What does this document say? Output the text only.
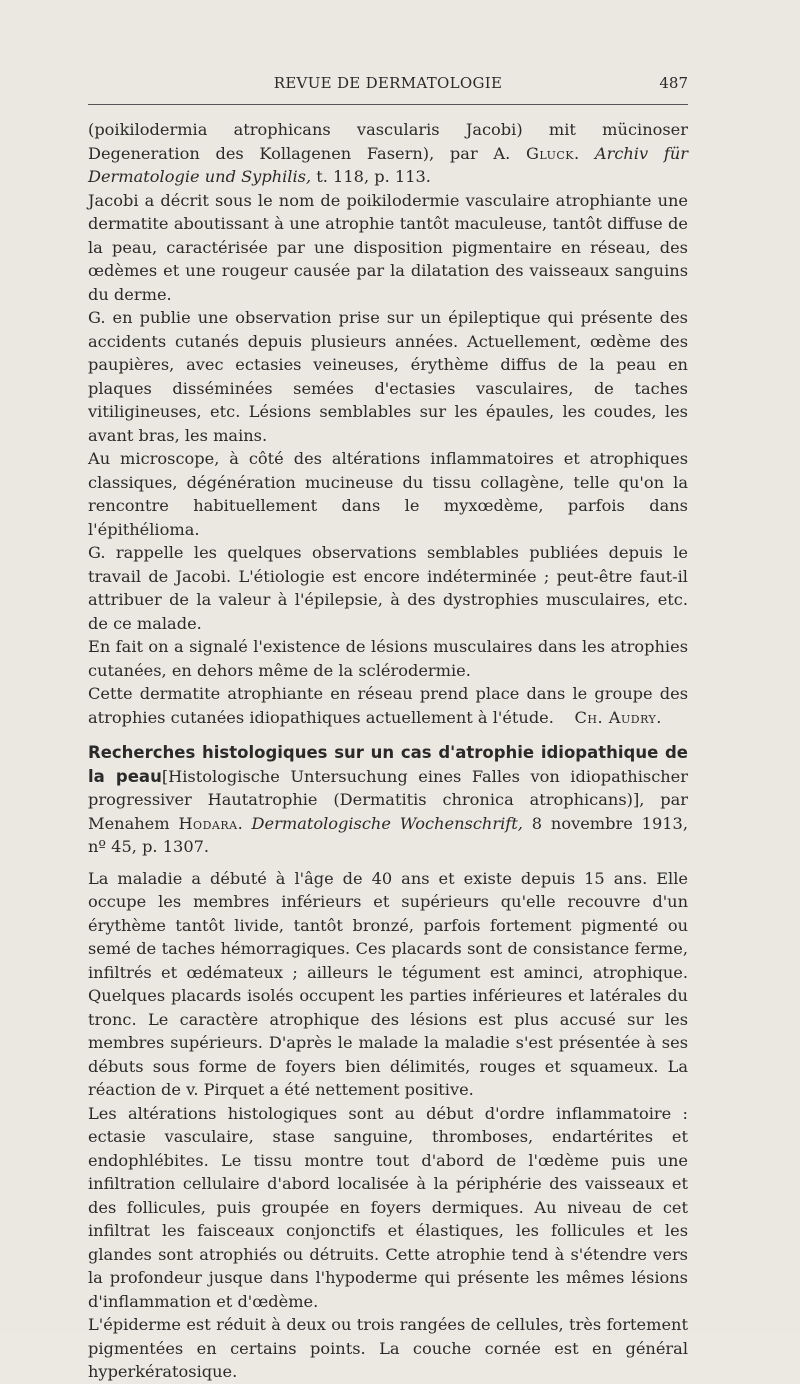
REVUE DE DERMATOLOGIE	487

(poikilodermia atrophicans vascularis Jacobi) mit mücinoser Degeneration des Kollagenen Fasern), par A. Gluck. Archiv für Dermatologie und Syphilis, t. 118, p. 113.

Jacobi a décrit sous le nom de poikilodermie vasculaire atrophiante une dermatite aboutissant à une atrophie tantôt maculeuse, tantôt diffuse de la peau, caractérisée par une disposition pigmentaire en réseau, des œdèmes et une rougeur causée par la dilatation des vaisseaux sanguins du derme.

G. en publie une observation prise sur un épileptique qui présente des accidents cutanés depuis plusieurs années. Actuellement, œdème des paupières, avec ectasies veineuses, érythème diffus de la peau en plaques disséminées semées d'ectasies vasculaires, de taches vitiligineuses, etc. Lésions semblables sur les épaules, les coudes, les avant bras, les mains.

Au microscope, à côté des altérations inflammatoires et atrophiques classiques, dégénération mucineuse du tissu collagène, telle qu'on la rencontre habituellement dans le myxœdème, parfois dans l'épithélioma.

G. rappelle les quelques observations semblables publiées depuis le travail de Jacobi. L'étiologie est encore indéterminée ; peut-être faut-il attribuer de la valeur à l'épilepsie, à des dystrophies musculaires, etc. de ce malade.

En fait on a signalé l'existence de lésions musculaires dans les atrophies cutanées, en dehors même de la sclérodermie.

Cette dermatite atrophiante en réseau prend place dans le groupe des atrophies cutanées idiopathiques actuellement à l'étude. Ch. Audry.

Recherches histologiques sur un cas d'atrophie idiopathique de la peau[Histologische Untersuchung eines Falles von idiopathischer progressiver Hautatrophie (Dermatitis chronica atrophicans)], par Menahem Hodara. Dermatologische Wochenschrift, 8 novembre 1913, nº 45, p. 1307.

La maladie a débuté à l'âge de 40 ans et existe depuis 15 ans. Elle occupe les membres inférieurs et supérieurs qu'elle recouvre d'un érythème tantôt livide, tantôt bronzé, parfois fortement pigmenté ou semé de taches hémorragiques. Ces placards sont de consistance ferme, infiltrés et œdémateux ; ailleurs le tégument est aminci, atrophique. Quelques placards isolés occupent les parties inférieures et latérales du tronc. Le caractère atrophique des lésions est plus accusé sur les membres supérieurs. D'après le malade la maladie s'est présentée à ses débuts sous forme de foyers bien délimités, rouges et squameux. La réaction de v. Pirquet a été nettement positive.

Les altérations histologiques sont au début d'ordre inflammatoire : ectasie vasculaire, stase sanguine, thromboses, endartérites et endophlébites. Le tissu montre tout d'abord de l'œdème puis une infiltration cellulaire d'abord localisée à la périphérie des vaisseaux et des follicules, puis groupée en foyers dermiques. Au niveau de cet infiltrat les faisceaux conjonctifs et élastiques, les follicules et les glandes sont atrophiés ou détruits. Cette atrophie tend à s'étendre vers la profondeur jusque dans l'hypoderme qui présente les mêmes lésions d'inflammation et d'œdème.

L'épiderme est réduit à deux ou trois rangées de cellules, très fortement pigmentées en certains points. La couche cornée est en général hyperkératosique.
